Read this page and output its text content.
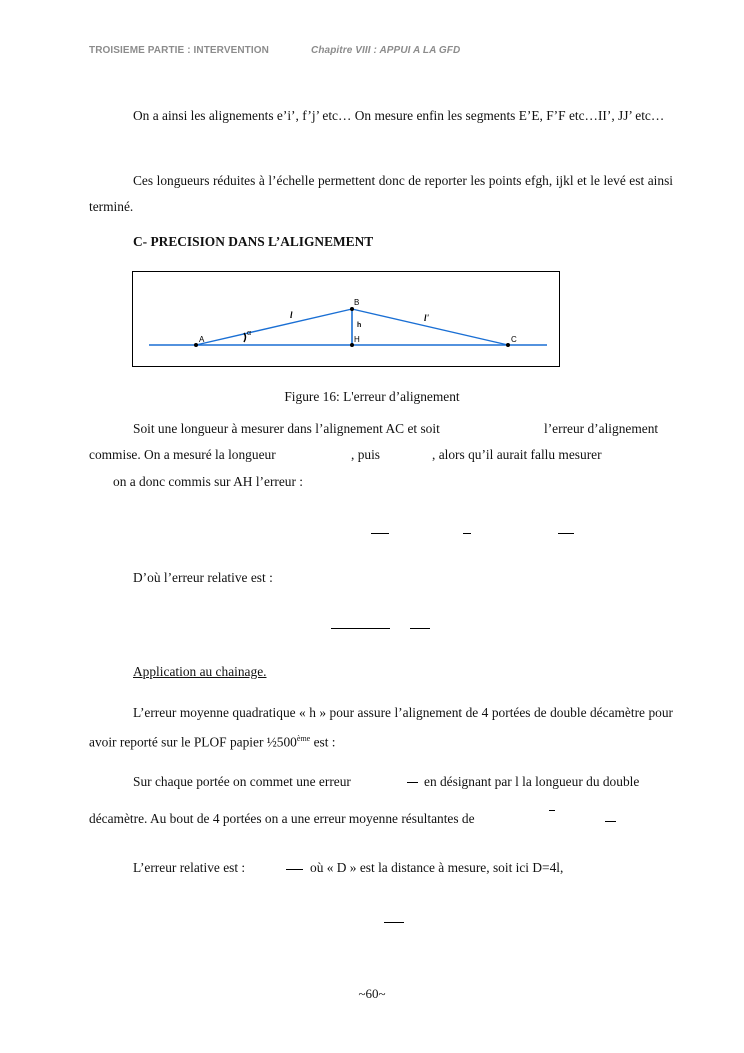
TROISIEME PARTIE : INTERVENTION	Chapitre VIII : APPUI A LA GFD
On a ainsi les alignements e’i’, f’j’ etc… On mesure enfin les segments E’E, F’F etc…II’, JJ’ etc…
Ces longueurs réduites à l’échelle permettent donc de reporter les points efgh, ijkl et le levé est ainsi terminé.
C- PRECISION DANS L’ALIGNEMENT
A
B
H	C
h
α
l	l'
Figure 16: L'erreur d’alignement
Soit une longueur à mesurer dans l’alignement AC et soit	l’erreur d’alignement
commise. On a mesuré la longueur	, puis	, alors qu’il aurait fallu mesurer
on a donc commis sur AH l’erreur :
D’où l’erreur relative est :
Application au chainage.
L’erreur moyenne quadratique « h » pour assure l’alignement de 4 portées de double décamètre pour avoir reporté sur le PLOF papier ½500ème est :
Sur chaque portée on commet une erreur	en désignant par l la longueur du double
décamètre. Au bout de 4 portées on a une erreur moyenne résultantes de
L’erreur relative est :	où « D » est la distance à mesure, soit ici D=4l,
~60~
